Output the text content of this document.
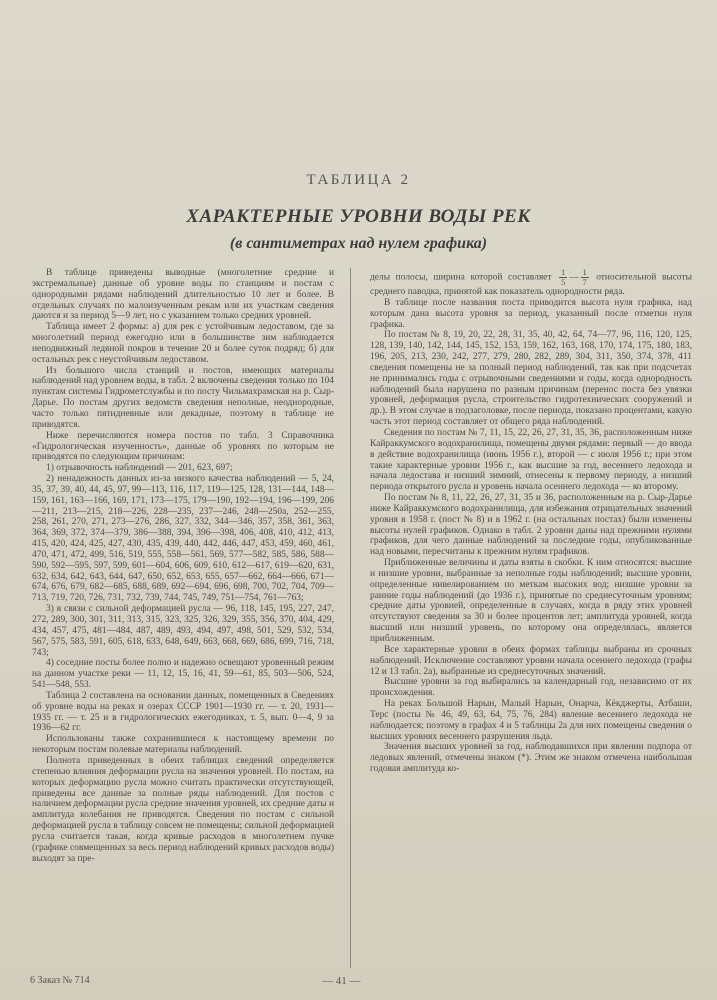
ТАБЛИЦА 2
ХАРАКТЕРНЫЕ УРОВНИ ВОДЫ РЕК
(в сантиметрах над нулем графика)

В таблице приведены выводные (многолетние средние и экстремальные) данные об уровне воды по станциям и постам с однородными рядами наблюдений длительностью 10 лет и более. В отдельных случаях по малоизученным рекам или их участкам сведения даются и за период 5—9 лет, но с указанием только средних уровней.

Таблица имеет 2 формы: а) для рек с устойчивым ледоставом, где за многолетний период ежегодно или в большинстве зим наблюдается неподвижный ледяной покров в течение 20 и более суток подряд; б) для остальных рек с неустойчивым ледоставом.

Из большого числа станций и постов, имеющих материалы наблюдений над уровнем воды, в табл. 2 включены сведения только по 104 пунктам системы Гидрометслужбы и по посту Чильмахрамская на р. Сыр-Дарье. По постам других ведомств сведения неполные, неоднородные, часто только пятидневные или декадные, поэтому в таблице не приводятся.

Ниже перечисляются номера постов по табл. 3 Справочника «Гидрологическая изученность», данные об уровнях по которым не приводятся по следующим причинам:

1) отрывочность наблюдений — 201, 623, 697;

2) ненадежность данных из-за низкого качества наблюдений — 5, 24, 35, 37, 39, 40, 44, 45, 97, 99—113, 116, 117, 119—125, 128, 131—144, 148—159, 161, 163—166, 169, 171, 173—175, 179—190, 192—194, 196—199, 206—211, 213—215, 218—226, 228—235, 237—246, 248—250а, 252—255, 258, 261, 270, 271, 273—276, 286, 327, 332, 344—346, 357, 358, 361, 363, 364, 369, 372, 374—379, 386—388, 394, 396—398, 406, 408, 410, 412, 413, 415, 420, 424, 425, 427, 430, 435, 439, 440, 442, 446, 447, 453, 459, 460, 461, 470, 471, 472, 499, 516, 519, 555, 558—561, 569, 577—582, 585, 586, 588—590, 592—595, 597, 599, 601—604, 606, 609, 610, 612—617, 619—620, 631, 632, 634, 642, 643, 644, 647, 650, 652, 653, 655, 657—662, 664—666, 671—674, 676, 679, 682—685, 688, 689, 692—694, 696, 698, 700, 702, 704, 709—713, 719, 720, 726, 731, 732, 739, 744, 745, 749, 751—754, 761—763;

3) в связи с сильной деформацией русла — 96, 118, 145, 195, 227, 247, 272, 289, 300, 301, 311, 313, 315, 323, 325, 326, 329, 355, 356, 370, 404, 429, 434, 457, 475, 481—484, 487, 489, 493, 494, 497, 498, 501, 529, 532, 534, 567, 575, 583, 591, 605, 618, 633, 648, 649, 663, 668, 669, 686, 699, 716, 718, 743;

4) соседние посты более полно и надежно освещают уровенный режим на данном участке реки — 11, 12, 15, 16, 41, 59—61, 85, 503—506, 524, 541—548, 553.

Таблица 2 составлена на основании данных, помещенных в Сведениях об уровне воды на реках и озерах СССР 1901—1930 гг. — т. 20, 1931—1935 гг. — т. 25 и в гидрологических ежегодниках, т. 5, вып. 0—4, 9 за 1936—62 гг.

Использованы также сохранившиеся к настоящему времени по некоторым постам полевые материалы наблюдений.

Полнота приведенных в обеих таблицах сведений определяется степенью влияния деформации русла на значения уровней. По постам, на которых деформацию русла можно считать практически отсутствующей, приведены все данные за полные ряды наблюдений. Для постов с наличием деформации русла средние значения уровней, их средние даты и амплитуда колебания не приводятся. Сведения по постам с сильной деформацией русла в таблицу совсем не помещены; сильной деформацией русла считается такая, когда кривые расходов в многолетнем пучке (графике совмещенных за весь период наблюдений кривых расходов воды) выходят за пре-

делы полосы, ширина которой составляет $\frac{1}{5}$ — $\frac{1}{7}$ относительной высоты среднего паводка, принятой как показатель однородности ряда.

В таблице после названия поста приводится высота нуля графика, над которым дана высота уровня за период, указанный после отметки нуля графика.

По постам № 8, 19, 20, 22, 28, 31, 35, 40, 42, 64, 74—77, 96, 116, 120, 125, 128, 139, 140, 142, 144, 145, 152, 153, 159, 162, 163, 168, 170, 174, 175, 180, 183, 196, 205, 213, 230, 242, 277, 279, 280, 282, 289, 304, 311, 350, 374, 378, 411 сведения помещены не за полный период наблюдений, так как при подсчетах не принимались годы с отрывочными сведениями и годы, когда однородность наблюдений была нарушена по разным причинам (перенос поста без увязки уровней, деформация русла, строительство гидротехнических сооружений и др.). В этом случае в подзаголовке, после периода, показано процентами, какую часть этот период составляет от общего ряда наблюдений.

Сведения по постам № 7, 11, 15, 22, 26, 27, 31, 35, 36, расположенным ниже Кайраккумского водохранилища, помещены двумя рядами: первый — до ввода в действие водохранилища (июнь 1956 г.), второй — с июля 1956 г.; при этом такие характерные уровни 1956 г., как высшие за год, весеннего ледохода и начала ледостава и низший зимний, отнесены к первому периоду, а низший периода открытого русла и уровень начала осеннего ледохода — ко второму.

По постам № 8, 11, 22, 26, 27, 31, 35 и 36, расположенным на р. Сыр-Дарье ниже Кайраккумского водохранилища, для избежания отрицательных значений уровня в 1958 г. (пост № 8) и в 1962 г. (на остальных постах) были изменены высоты нулей графиков. Однако в табл. 2 уровни даны над прежними нулями графиков, для чего данные наблюдений за последние годы, опубликованные над новыми, пересчитаны к прежним нулям графиков.

Приближенные величины и даты взяты в скобки. К ним относятся: высшие и низшие уровни, выбранные за неполные годы наблюдений; высшие уровни, определенные нивелированием по меткам высоких вод; низшие уровни за ранние годы наблюдений (до 1936 г.), принятые по среднесуточным уровням; средние даты уровней, определенные в случаях, когда в ряду этих уровней отсутствуют сведения за 30 и более процентов лет; амплитуда уровней, когда высший или низший уровень, по которому она определялась, является приближенным.

Все характерные уровни в обеих формах таблицы выбраны из срочных наблюдений. Исключение составляют уровни начала осеннего ледохода (графы 12 и 13 табл. 2а), выбранные из среднесуточных значений.

Высшие уровни за год выбирались за календарный год, независимо от их происхождения.

На реках Большой Нарын, Малый Нарын, Онарча, Кёкджерты, Атбаши, Терс (посты № 46, 49, 63, 64, 75, 76, 284) явление весеннего ледохода не наблюдается; поэтому в графах 4 и 5 таблицы 2а для них помещены сведения о высших уровнях весеннего разрушения льда.

Значения высших уровней за год, наблюдавшихся при явлении подпора от ледовых явлений, отмечены знаком (*). Этим же знаком отмечена наибольшая годовая амплитуда ко-

6 Заказ № 714	— 41 —
